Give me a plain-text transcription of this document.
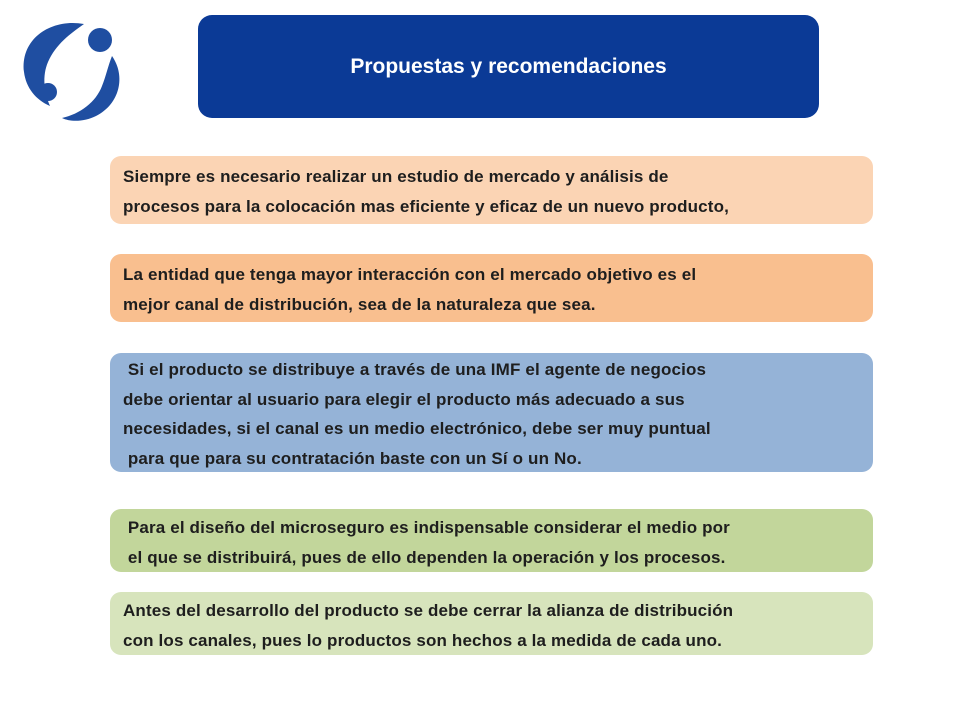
Propuestas y recomendaciones
Siempre es necesario realizar un estudio de mercado y análisis de
procesos para la colocación mas eficiente y eficaz de un nuevo producto,
La entidad que tenga mayor interacción con el mercado objetivo es el
mejor canal de distribución, sea de la naturaleza que sea.
Si el producto se distribuye a través de una IMF el agente de negocios
debe orientar al usuario para elegir el producto más adecuado a sus
necesidades, si el canal es un medio electrónico, debe ser muy puntual
para que para su contratación baste con un Sí o un No.
Para el diseño del microseguro es indispensable considerar el medio por
el que se distribuirá, pues de ello dependen la operación y los procesos.
Antes del desarrollo del producto se debe cerrar la alianza de distribución
con los canales, pues lo productos son hechos a la medida de cada uno.
